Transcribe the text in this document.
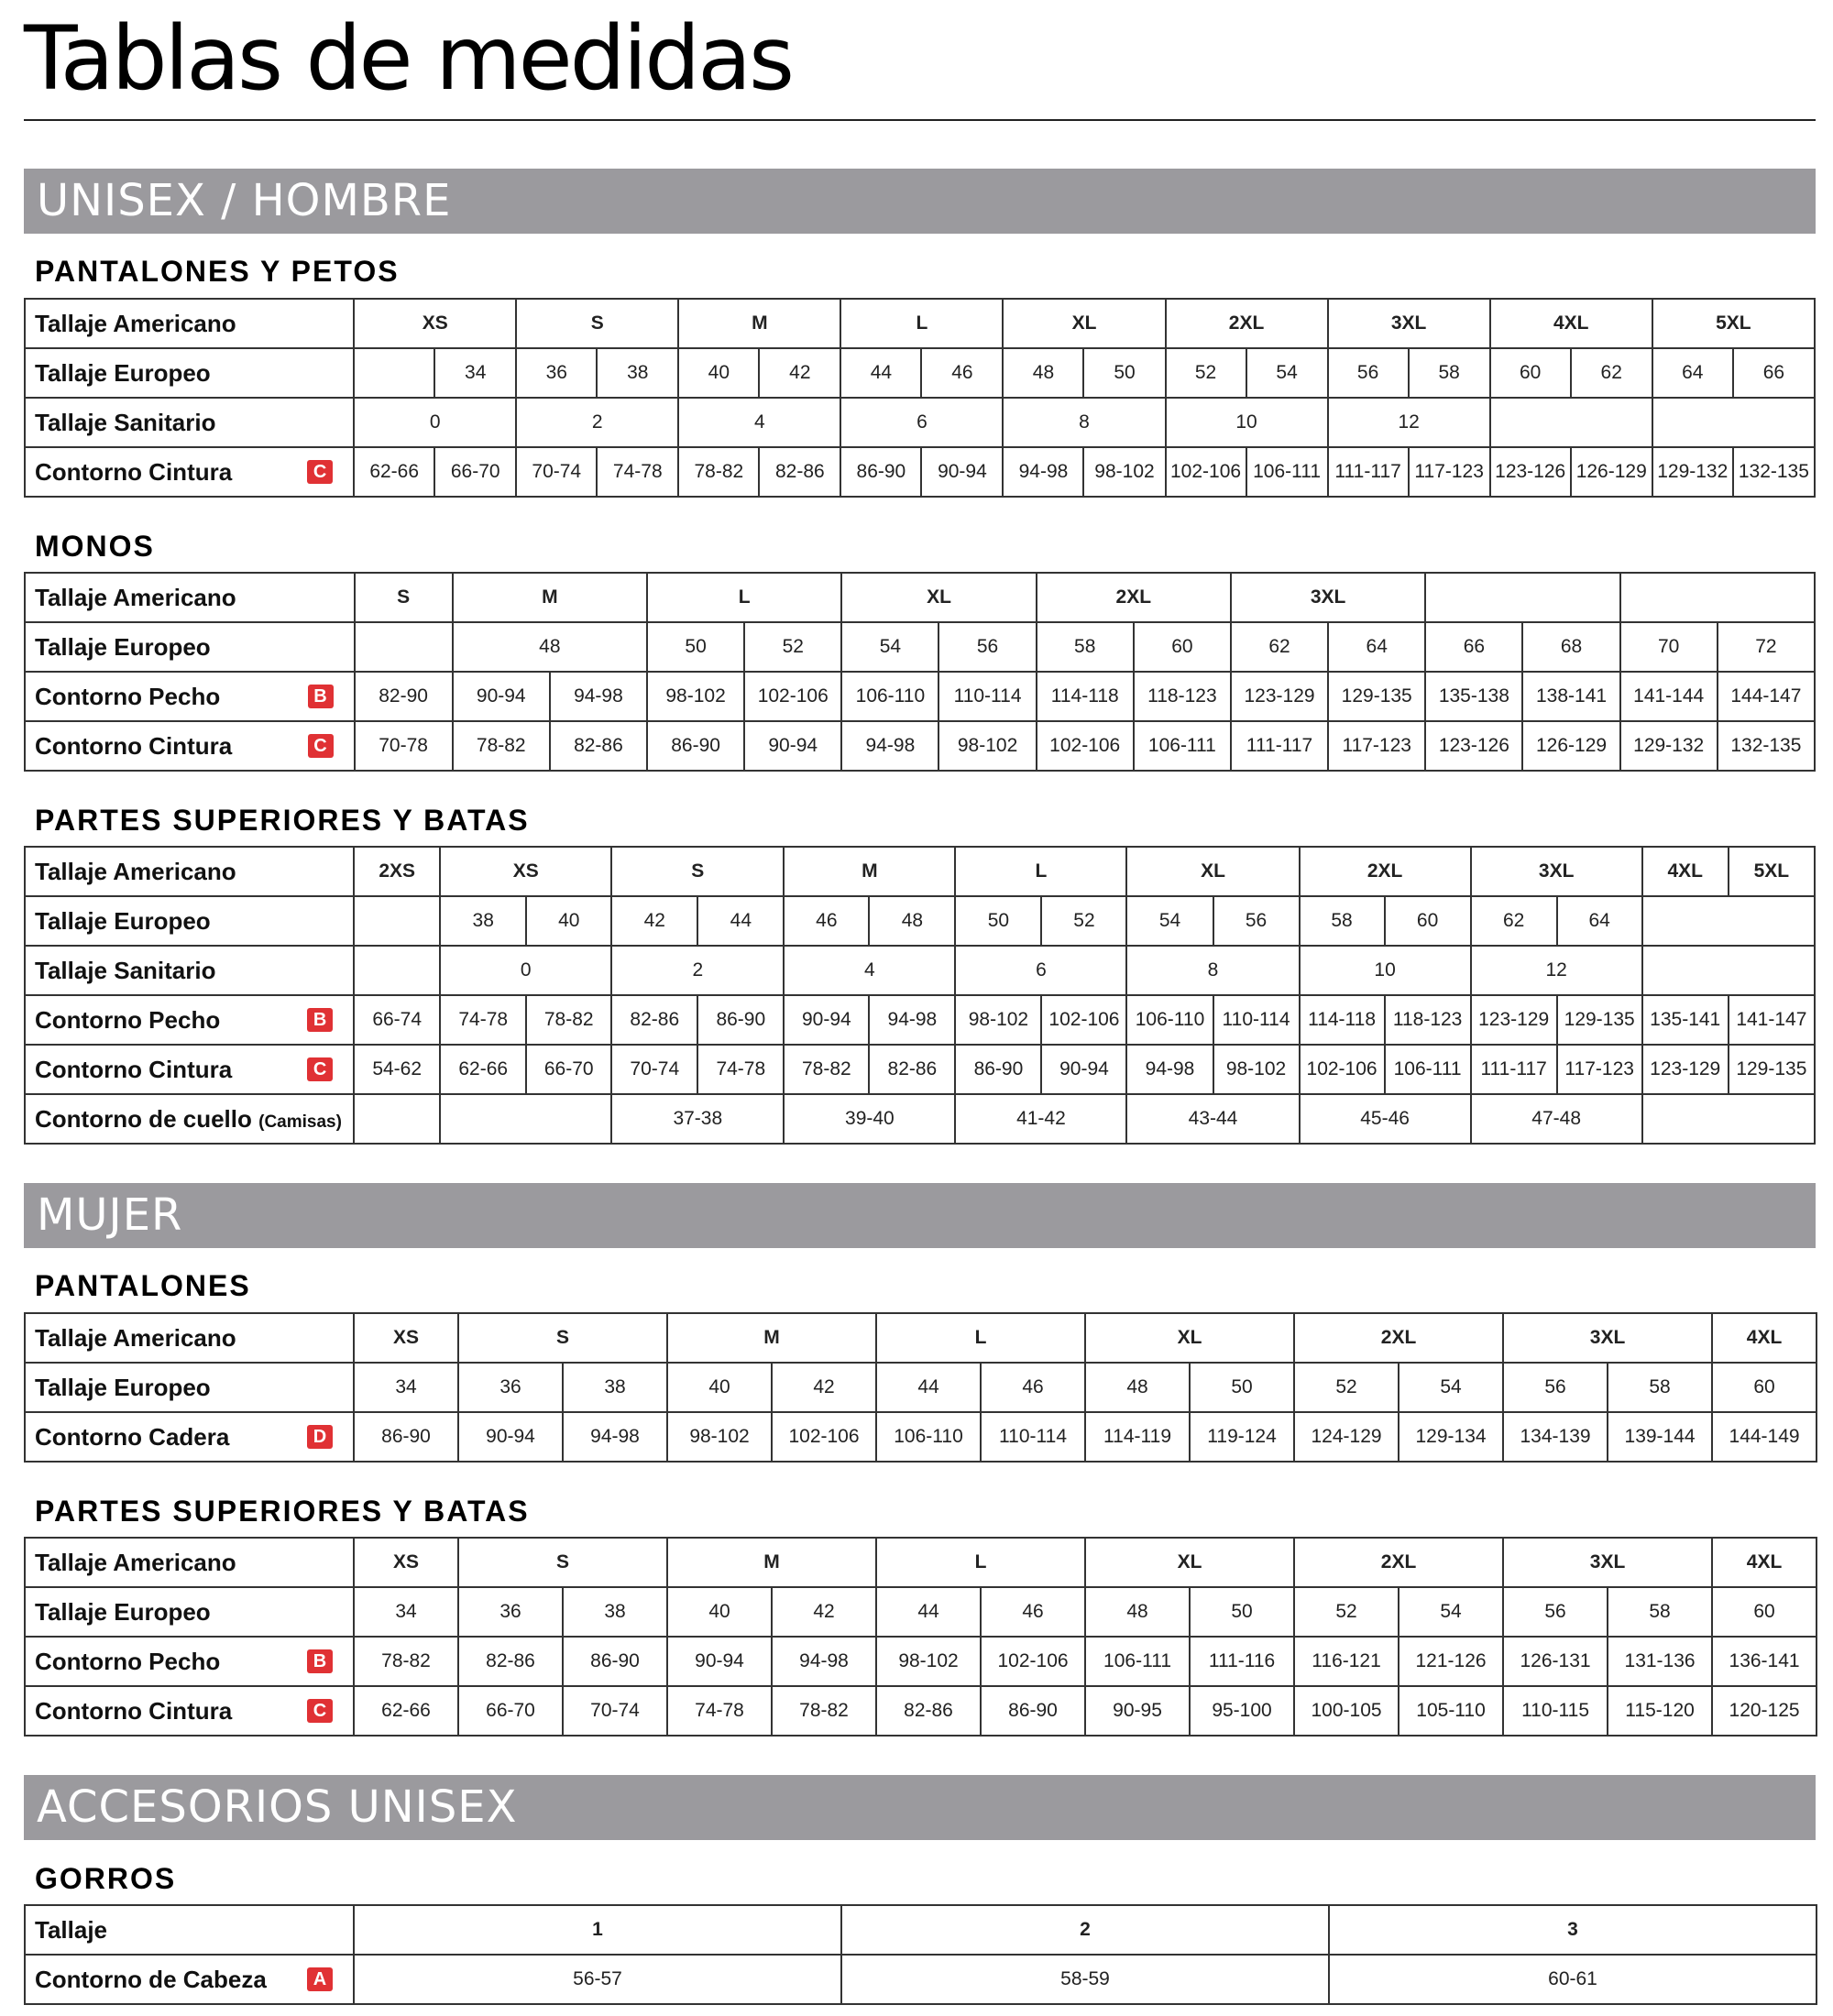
Tablas de medidas
UNISEX / HOMBRE
PANTALONES Y PETOS
Tallaje Americano	XS		S		M		L		XL		2XL		3XL		4XL		5XL	
Tallaje Europeo		34	36	38	40	42	44	46	48	50	52	54	56	58	60	62	64	66
Tallaje Sanitario	0		2		4		6		8		10		12					
Contorno Cintura C	62-66	66-70	70-74	74-78	78-82	82-86	86-90	90-94	94-98	98-102	102-106	106-111	111-117	117-123	123-126	126-129	129-132	132-135
MONOS
Tallaje Americano	S	M		L		XL		2XL		3XL					
Tallaje Europeo		48		50	52	54	56	58	60	62	64	66	68	70	72
Contorno Pecho B	82-90	90-94	94-98	98-102	102-106	106-110	110-114	114-118	118-123	123-129	129-135	135-138	138-141	141-144	144-147
Contorno Cintura C	70-78	78-82	82-86	86-90	90-94	94-98	98-102	102-106	106-111	111-117	117-123	123-126	126-129	129-132	132-135
PARTES SUPERIORES Y BATAS
Tallaje Americano	2XS	XS		S		M		L		XL		2XL		3XL		4XL	5XL
Tallaje Europeo		38	40	42	44	46	48	50	52	54	56	58	60	62	64		
Tallaje Sanitario		0		2		4		6		8		10		12			
Contorno Pecho B	66-74	74-78	78-82	82-86	86-90	90-94	94-98	98-102	102-106	106-110	110-114	114-118	118-123	123-129	129-135	135-141	141-147
Contorno Cintura C	54-62	62-66	66-70	70-74	74-78	78-82	82-86	86-90	90-94	94-98	98-102	102-106	106-111	111-117	117-123	123-129	129-135
Contorno de cuello (Camisas)				37-38		39-40		41-42		43-44		45-46		47-48			
MUJER
PANTALONES
Tallaje Americano	XS	S		M		L		XL		2XL		3XL		4XL
Tallaje Europeo	34	36	38	40	42	44	46	48	50	52	54	56	58	60
Contorno Cadera D	86-90	90-94	94-98	98-102	102-106	106-110	110-114	114-119	119-124	124-129	129-134	134-139	139-144	144-149
PARTES SUPERIORES Y BATAS
Tallaje Americano	XS	S		M		L		XL		2XL		3XL		4XL
Tallaje Europeo	34	36	38	40	42	44	46	48	50	52	54	56	58	60
Contorno Pecho B	78-82	82-86	86-90	90-94	94-98	98-102	102-106	106-111	111-116	116-121	121-126	126-131	131-136	136-141
Contorno Cintura C	62-66	66-70	70-74	74-78	78-82	82-86	86-90	90-95	95-100	100-105	105-110	110-115	115-120	120-125
ACCESORIOS UNISEX
GORROS
Tallaje	1	2	3
Contorno de Cabeza A	56-57	58-59	60-61
